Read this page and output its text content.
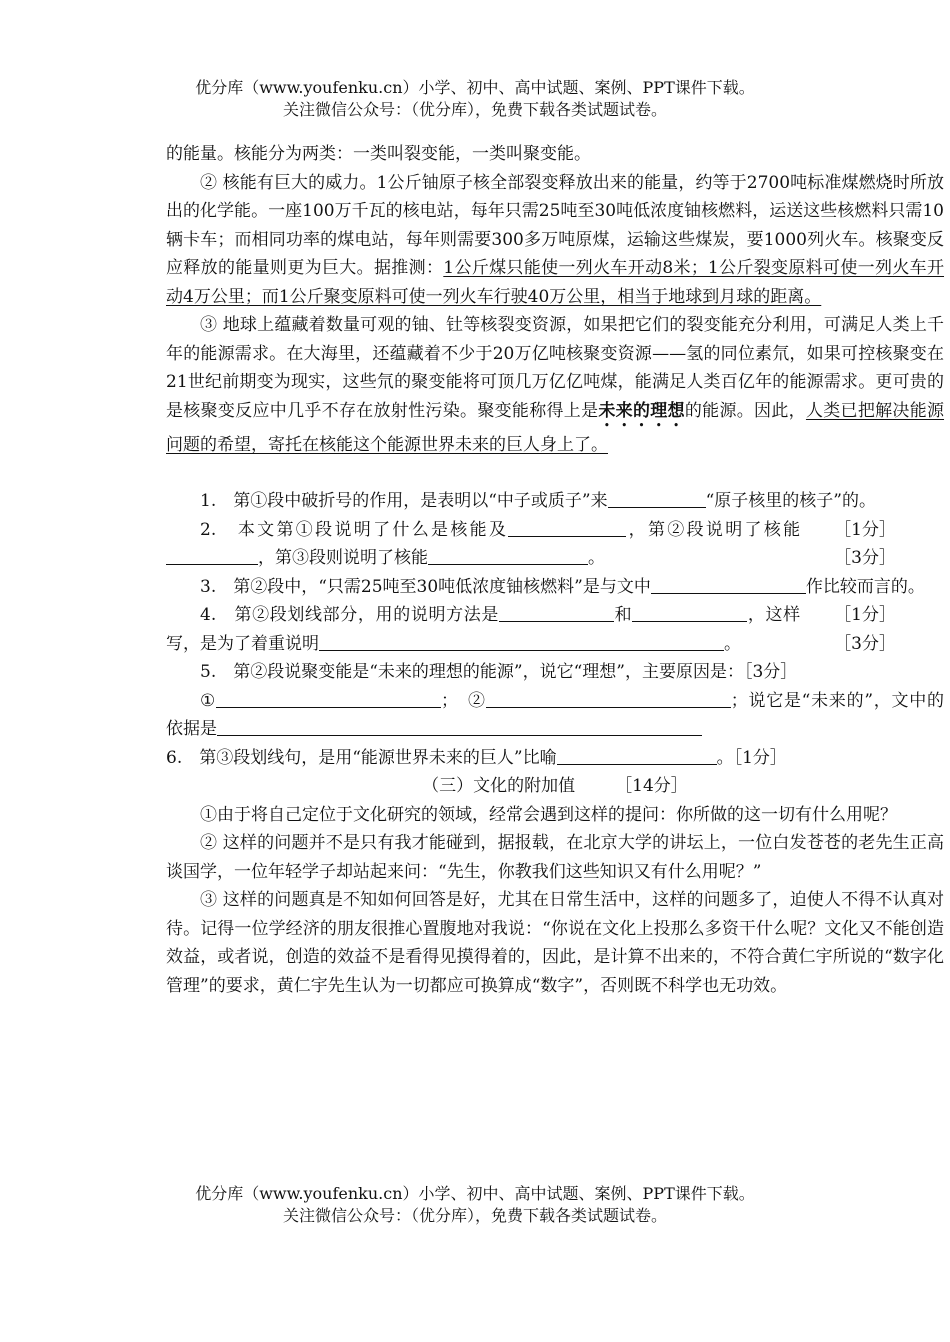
优分库（www.youfenku.cn）小学、初中、高中试题、案例、PPT课件下载。
关注微信公众号：（优分库），免费下载各类试题试卷。
的能量。核能分为两类：一类叫裂变能，一类叫聚变能。
② 核能有巨大的威力。1公斤铀原子核全部裂变释放出来的能量，约等于2700吨标准煤燃烧时所放出的化学能。一座100万千瓦的核电站，每年只需25吨至30吨低浓度铀核燃料，运送这些核燃料只需10辆卡车；而相同功率的煤电站，每年则需要300多万吨原煤，运输这些煤炭，要1000列火车。核聚变反应释放的能量则更为巨大。据推测：1公斤煤只能使一列火车开动8米；1公斤裂变原料可使一列火车开动4万公里；而1公斤聚变原料可使一列火车行驶40万公里，相当于地球到月球的距离。
③ 地球上蕴藏着数量可观的铀、钍等核裂变资源，如果把它们的裂变能充分利用，可满足人类上千年的能源需求。在大海里，还蕴藏着不少于20万亿吨核聚变资源——氢的同位素氘，如果可控核聚变在21世纪前期变为现实，这些氘的聚变能将可顶几万亿亿吨煤，能满足人类百亿年的能源需求。更可贵的是核聚变反应中几乎不存在放射性污染。聚变能称得上是未来的理想的能源。因此，人类已把解决能源问题的希望，寄托在核能这个能源世界未来的巨人身上了。
1.　第①段中破折号的作用，是表明以“中子或质子”来	“原子核里的核子”的。
［1分］
2.　本文第①段说明了什么是核能及	，第②段说明了核能，第③段则说明了核能	。	［3分］
3.　第②段中，“只需25吨至30吨低浓度铀核燃料”是与文中	作比较而言的。
［1分］
4.　第②段划线部分，用的说明方法是	和	，这样写，是为了着重说明	。	［3分］
5.　第②段说聚变能是“未来的理想的能源”，说它“理想”，主要原因是：［3分］
①	；　②	；说它是“未来的”，文中的依据是
6.　第③段划线句，是用“能源世界未来的巨人”比喻	。［1分］
（三）文化的附加值 ［14分］
①由于将自己定位于文化研究的领域，经常会遇到这样的提问：你所做的这一切有什么用呢？
② 这样的问题并不是只有我才能碰到，据报载，在北京大学的讲坛上，一位白发苍苍的老先生正高谈国学，一位年轻学子却站起来问：“先生，你教我们这些知识又有什么用呢？”
③ 这样的问题真是不知如何回答是好，尤其在日常生活中，这样的问题多了，迫使人不得不认真对待。记得一位学经济的朋友很推心置腹地对我说：“你说在文化上投那么多资干什么呢？文化又不能创造效益，或者说，创造的效益不是看得见摸得着的，因此，是计算不出来的，不符合黄仁宇所说的“数字化管理”的要求，黄仁宇先生认为一切都应可换算成“数字”，否则既不科学也无功效。
优分库（www.youfenku.cn）小学、初中、高中试题、案例、PPT课件下载。
关注微信公众号：（优分库），免费下载各类试题试卷。
